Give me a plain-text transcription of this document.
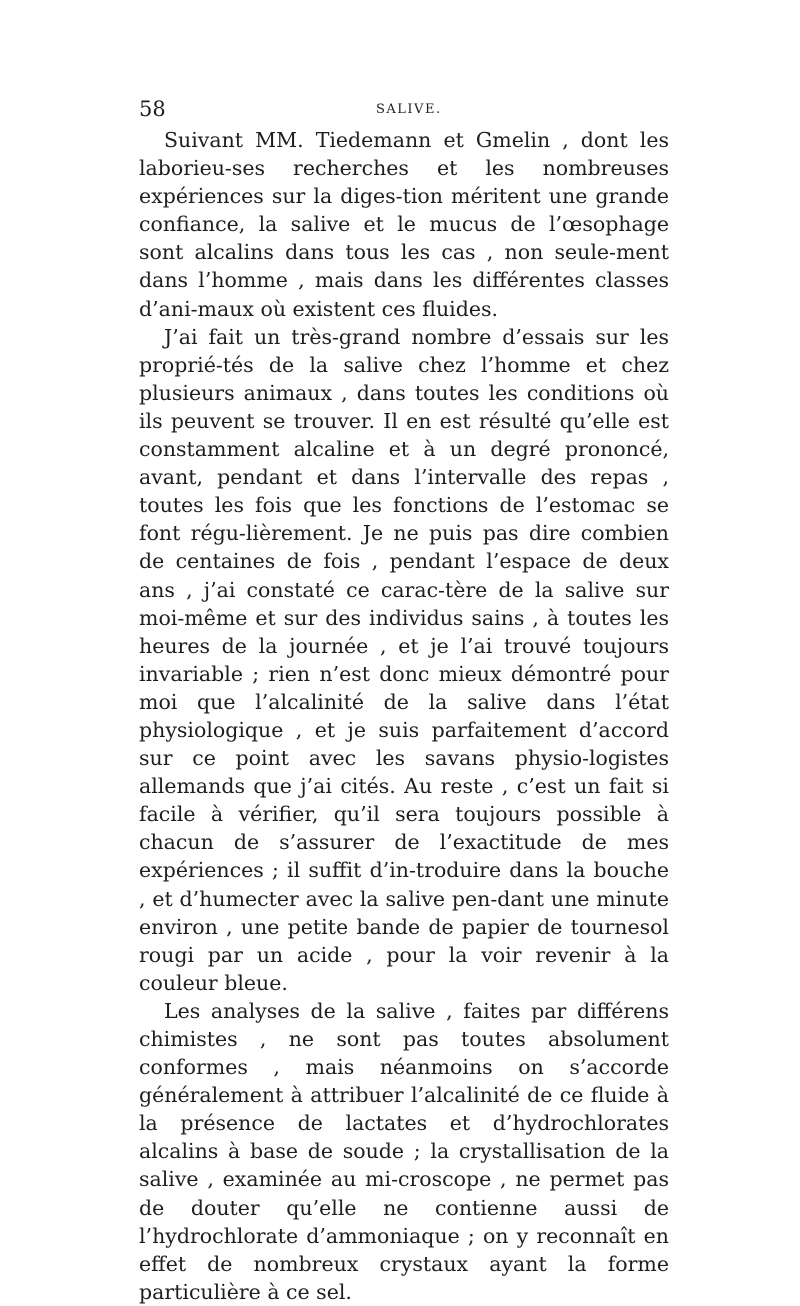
58	SALIVE.

Suivant MM. Tiedemann et Gmelin , dont les laborieu-ses recherches et les nombreuses expériences sur la diges-tion méritent une grande confiance, la salive et le mucus de l’œsophage sont alcalins dans tous les cas , non seule-ment dans l’homme , mais dans les différentes classes d’ani-maux où existent ces fluides.

J’ai fait un très-grand nombre d’essais sur les proprié-tés de la salive chez l’homme et chez plusieurs animaux , dans toutes les conditions où ils peuvent se trouver. Il en est résulté qu’elle est constamment alcaline et à un degré prononcé, avant, pendant et dans l’intervalle des repas , toutes les fois que les fonctions de l’estomac se font régu-lièrement. Je ne puis pas dire combien de centaines de fois , pendant l’espace de deux ans , j’ai constaté ce carac-tère de la salive sur moi-même et sur des individus sains , à toutes les heures de la journée , et je l’ai trouvé toujours invariable ; rien n’est donc mieux démontré pour moi que l’alcalinité de la salive dans l’état physiologique , et je suis parfaitement d’accord sur ce point avec les savans physio-logistes allemands que j’ai cités. Au reste , c’est un fait si facile à vérifier, qu’il sera toujours possible à chacun de s’assurer de l’exactitude de mes expériences ; il suffit d’in-troduire dans la bouche , et d’humecter avec la salive pen-dant une minute environ , une petite bande de papier de tournesol rougi par un acide , pour la voir revenir à la couleur bleue.

Les analyses de la salive , faites par différens chimistes , ne sont pas toutes absolument conformes , mais néanmoins on s’accorde généralement à attribuer l’alcalinité de ce fluide à la présence de lactates et d’hydrochlorates alcalins à base de soude ; la crystallisation de la salive , examinée au mi-croscope , ne permet pas de douter qu’elle ne contienne aussi de l’hydrochlorate d’ammoniaque ; on y reconnaît en effet de nombreux crystaux ayant la forme particulière à ce sel.
